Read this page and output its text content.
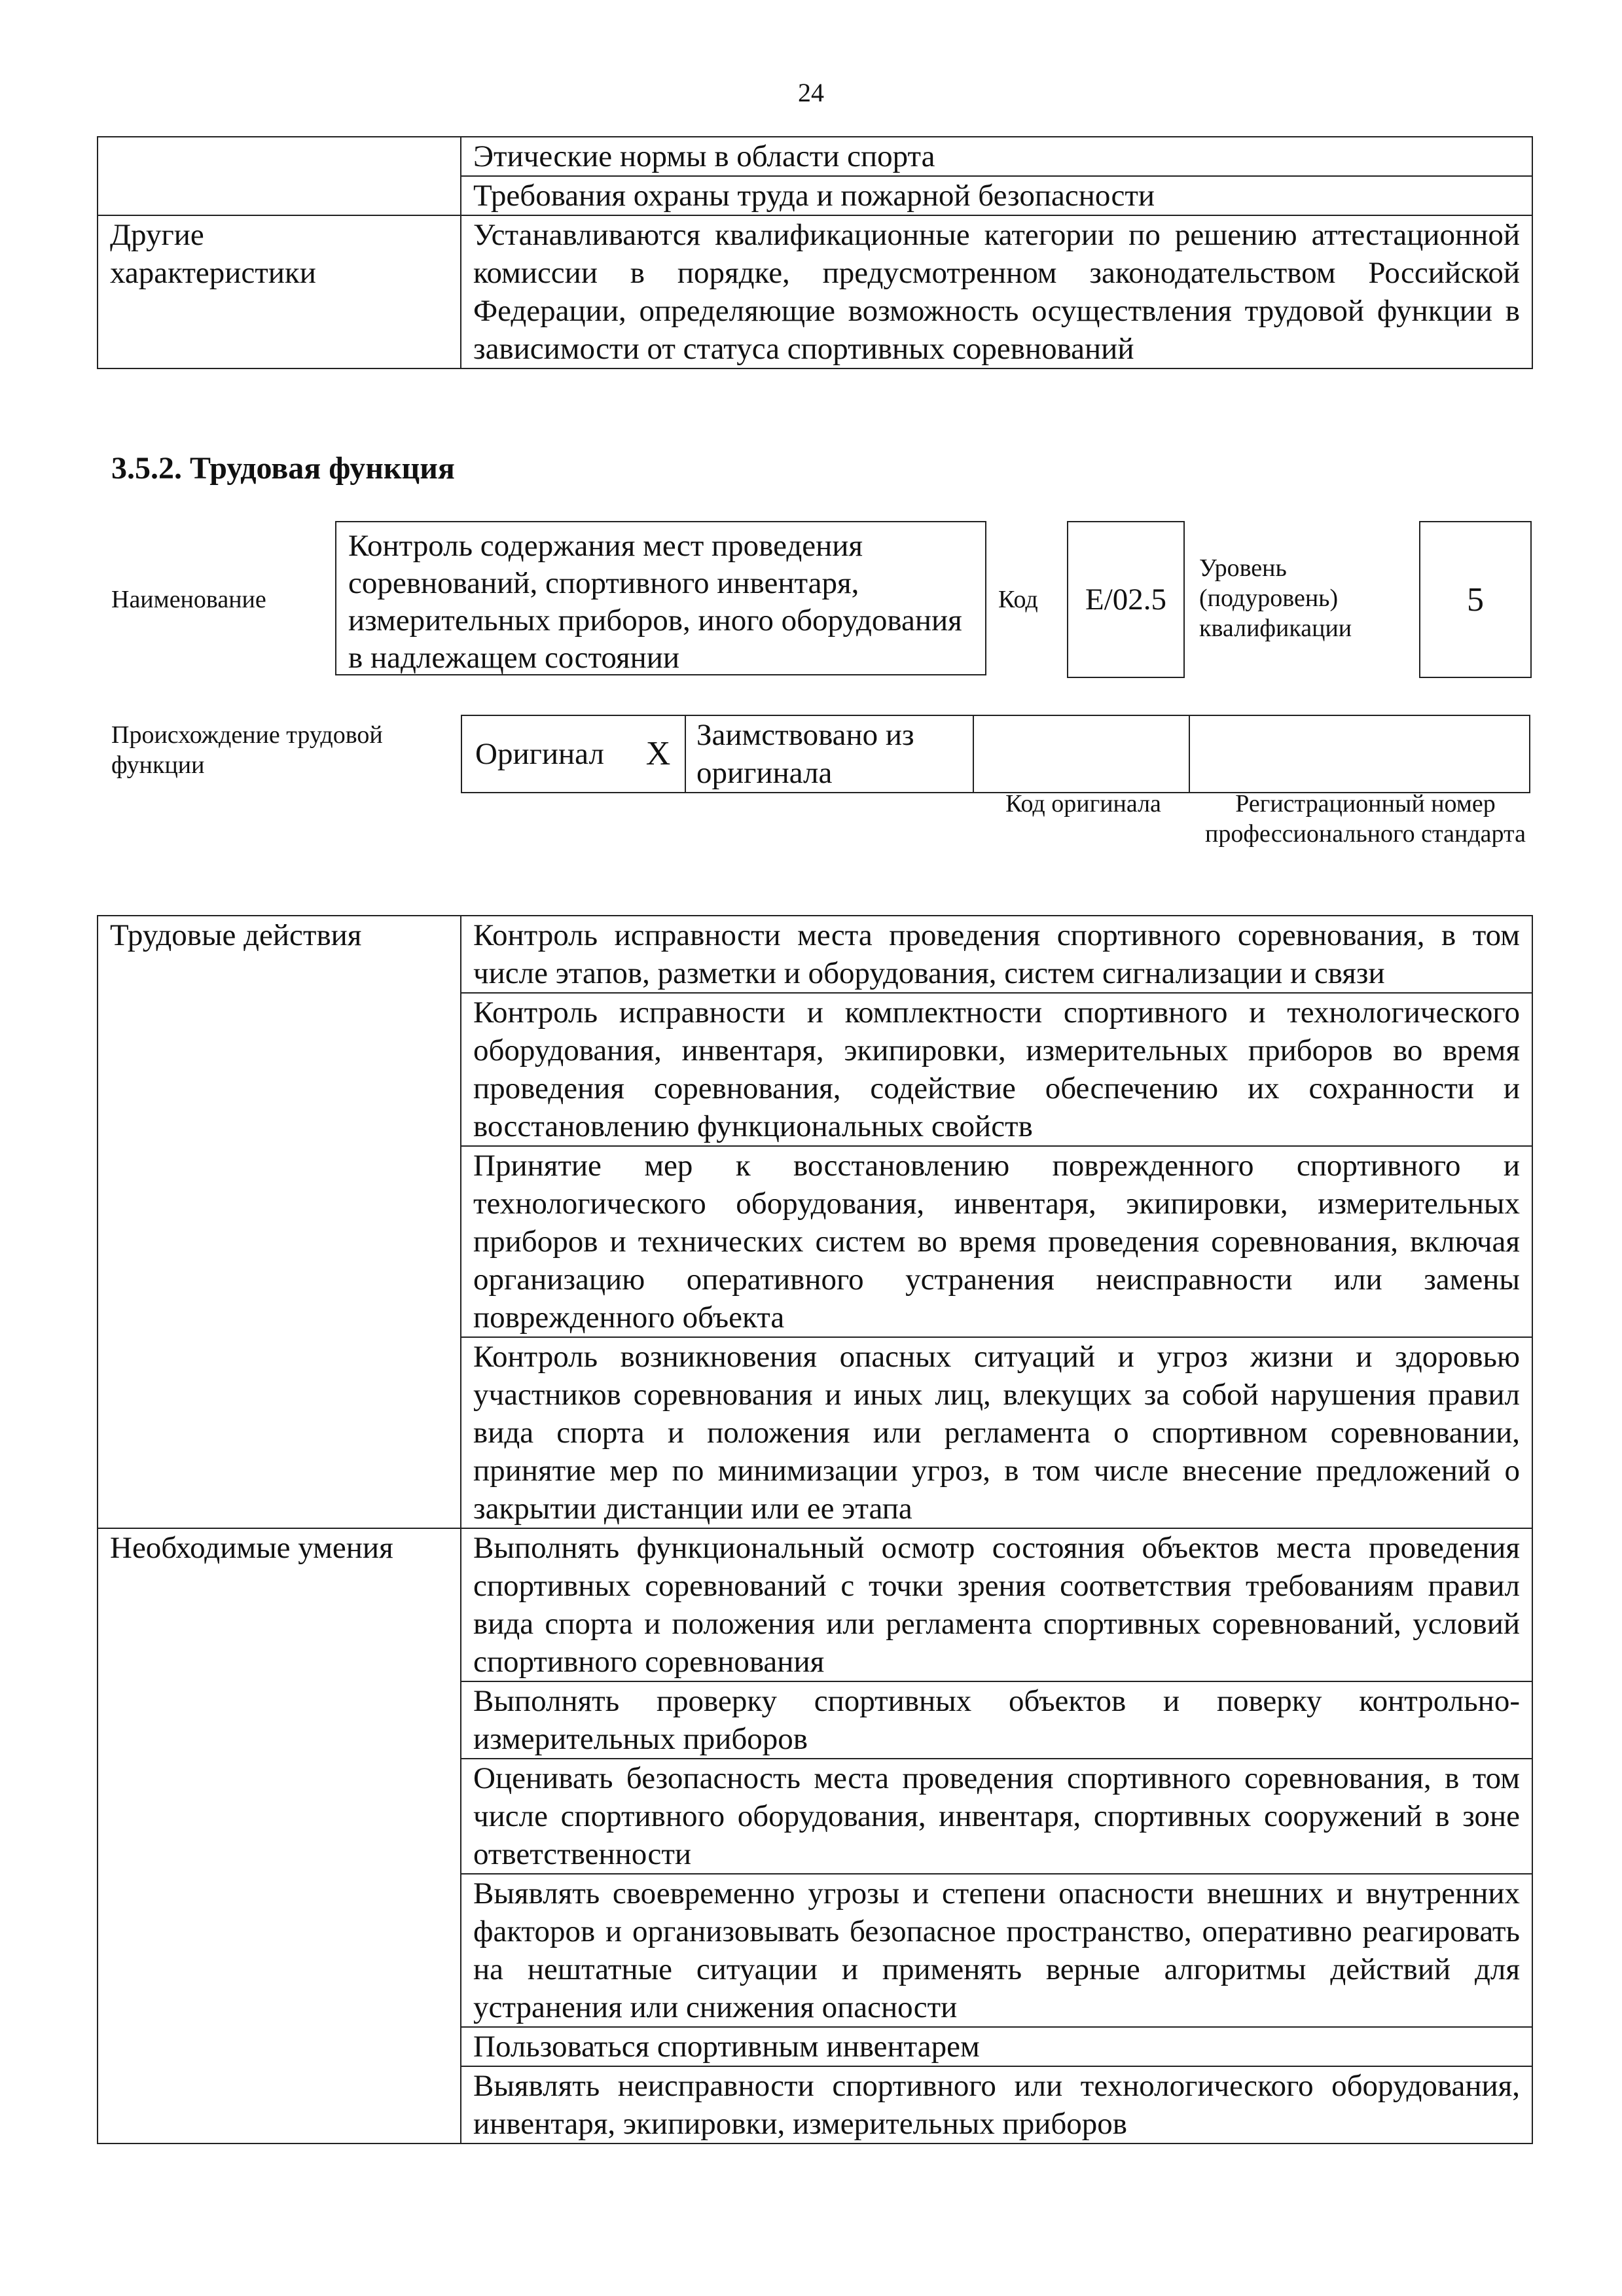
24
	Этические нормы в области спорта
	Требования охраны труда и пожарной безопасности
Другие характеристики	Устанавливаются квалификационные категории по решению аттестационной комиссии в порядке, предусмотренном законодательством Российской Федерации, определяющие возможность осуществления трудовой функции в зависимости от статуса спортивных соревнований
3.5.2. Трудовая функция
Наименование
Контроль содержания мест проведения соревнований, спортивного инвентаря, измерительных приборов, иного оборудования в надлежащем состоянии
Код E/02.5
Уровень (подуровень) квалификации
5
Происхождение трудовой функции	Оригинал	X	Заимствовано из оригинала		
Код оригинала	Регистрационный номер профессионального стандарта
Трудовые действия	Контроль исправности места проведения спортивного соревнования, в том числе этапов, разметки и оборудования, систем сигнализации и связи
	Контроль исправности и комплектности спортивного и технологического оборудования, инвентаря, экипировки, измерительных приборов во время проведения соревнования, содействие обеспечению их сохранности и восстановлению функциональных свойств
	Принятие мер к восстановлению поврежденного спортивного и технологического оборудования, инвентаря, экипировки, измерительных приборов и технических систем во время проведения соревнования, включая организацию оперативного устранения неисправности или замены поврежденного объекта
	Контроль возникновения опасных ситуаций и угроз жизни и здоровью участников соревнования и иных лиц, влекущих за собой нарушения правил вида спорта и положения или регламента о спортивном соревновании, принятие мер по минимизации угроз, в том числе внесение предложений о закрытии дистанции или ее этапа
Необходимые умения	Выполнять функциональный осмотр состояния объектов места проведения спортивных соревнований с точки зрения соответствия требованиям правил вида спорта и положения или регламента спортивных соревнований, условий спортивного соревнования
	Выполнять проверку спортивных объектов и поверку контрольно-измерительных приборов
	Оценивать безопасность места проведения спортивного соревнования, в том числе спортивного оборудования, инвентаря, спортивных сооружений в зоне ответственности
	Выявлять своевременно угрозы и степени опасности внешних и внутренних факторов и организовывать безопасное пространство, оперативно реагировать на нештатные ситуации и применять верные алгоритмы действий для устранения или снижения опасности
	Пользоваться спортивным инвентарем
	Выявлять неисправности спортивного или технологического оборудования, инвентаря, экипировки, измерительных приборов
